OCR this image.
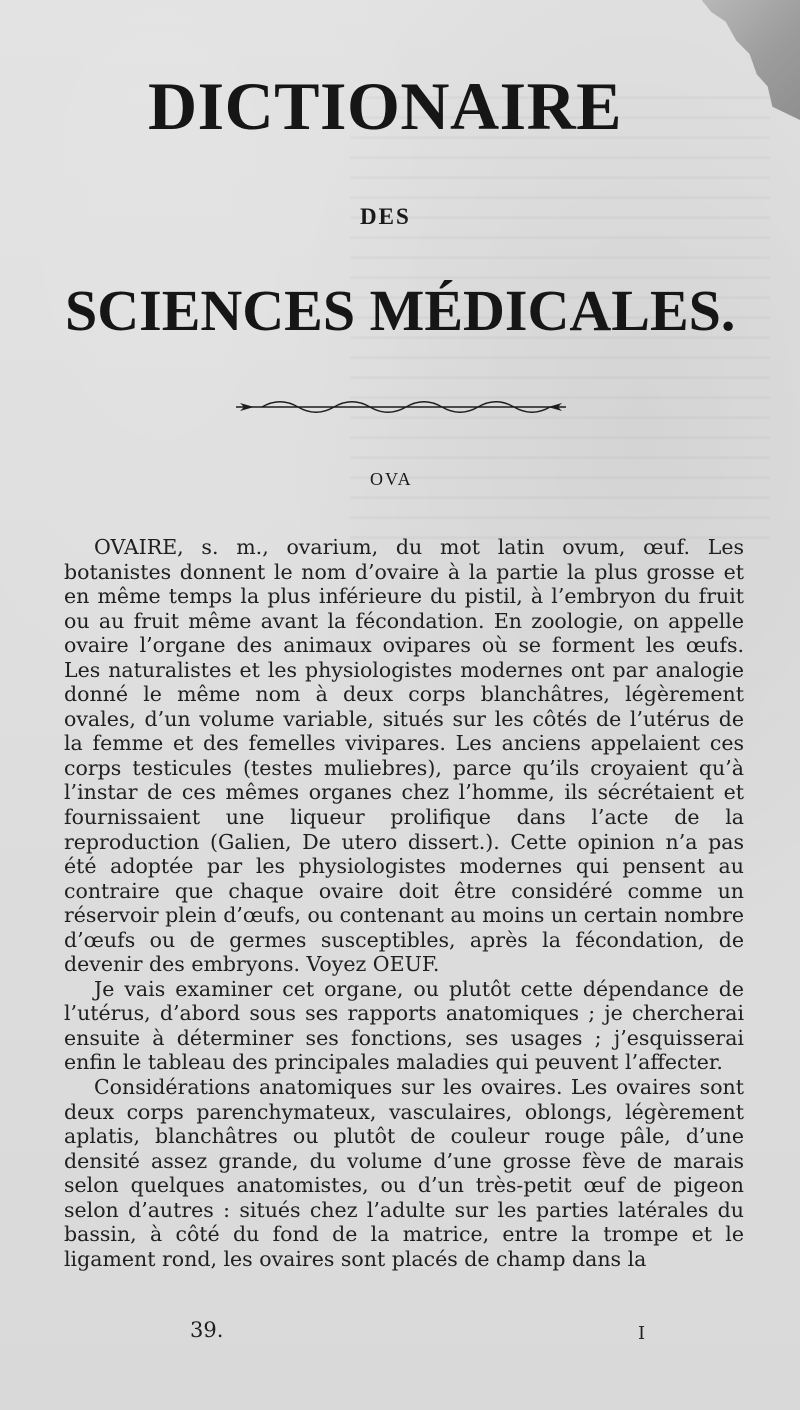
DICTIONAIRE
DES
SCIENCES MÉDICALES.
OVA

OVAIRE, s. m., ovarium, du mot latin ovum, œuf. Les botanistes donnent le nom d’ovaire à la partie la plus grosse et en même temps la plus inférieure du pistil, à l’embryon du fruit ou au fruit même avant la fécondation. En zoologie, on appelle ovaire l’organe des animaux ovipares où se forment les œufs. Les naturalistes et les physiologistes modernes ont par analogie donné le même nom à deux corps blanchâtres, légèrement ovales, d’un volume variable, situés sur les côtés de l’utérus de la femme et des femelles vivipares. Les anciens appelaient ces corps testicules (testes muliebres), parce qu’ils croyaient qu’à l’instar de ces mêmes organes chez l’homme, ils sécrétaient et fournissaient une liqueur prolifique dans l’acte de la reproduction (Galien, De utero dissert.). Cette opinion n’a pas été adoptée par les physiologistes modernes qui pensent au contraire que chaque ovaire doit être considéré comme un réservoir plein d’œufs, ou contenant au moins un certain nombre d’œufs ou de germes susceptibles, après la fécondation, de devenir des embryons. Voyez OEUF.

Je vais examiner cet organe, ou plutôt cette dépendance de l’utérus, d’abord sous ses rapports anatomiques ; je chercherai ensuite à déterminer ses fonctions, ses usages ; j’esquisserai enfin le tableau des principales maladies qui peuvent l’affecter.

Considérations anatomiques sur les ovaires. Les ovaires sont deux corps parenchymateux, vasculaires, oblongs, légèrement aplatis, blanchâtres ou plutôt de couleur rouge pâle, d’une densité assez grande, du volume d’une grosse fève de marais selon quelques anatomistes, ou d’un très-petit œuf de pigeon selon d’autres : situés chez l’adulte sur les parties latérales du bassin, à côté du fond de la matrice, entre la trompe et le ligament rond, les ovaires sont placés de champ dans la

39.	I
